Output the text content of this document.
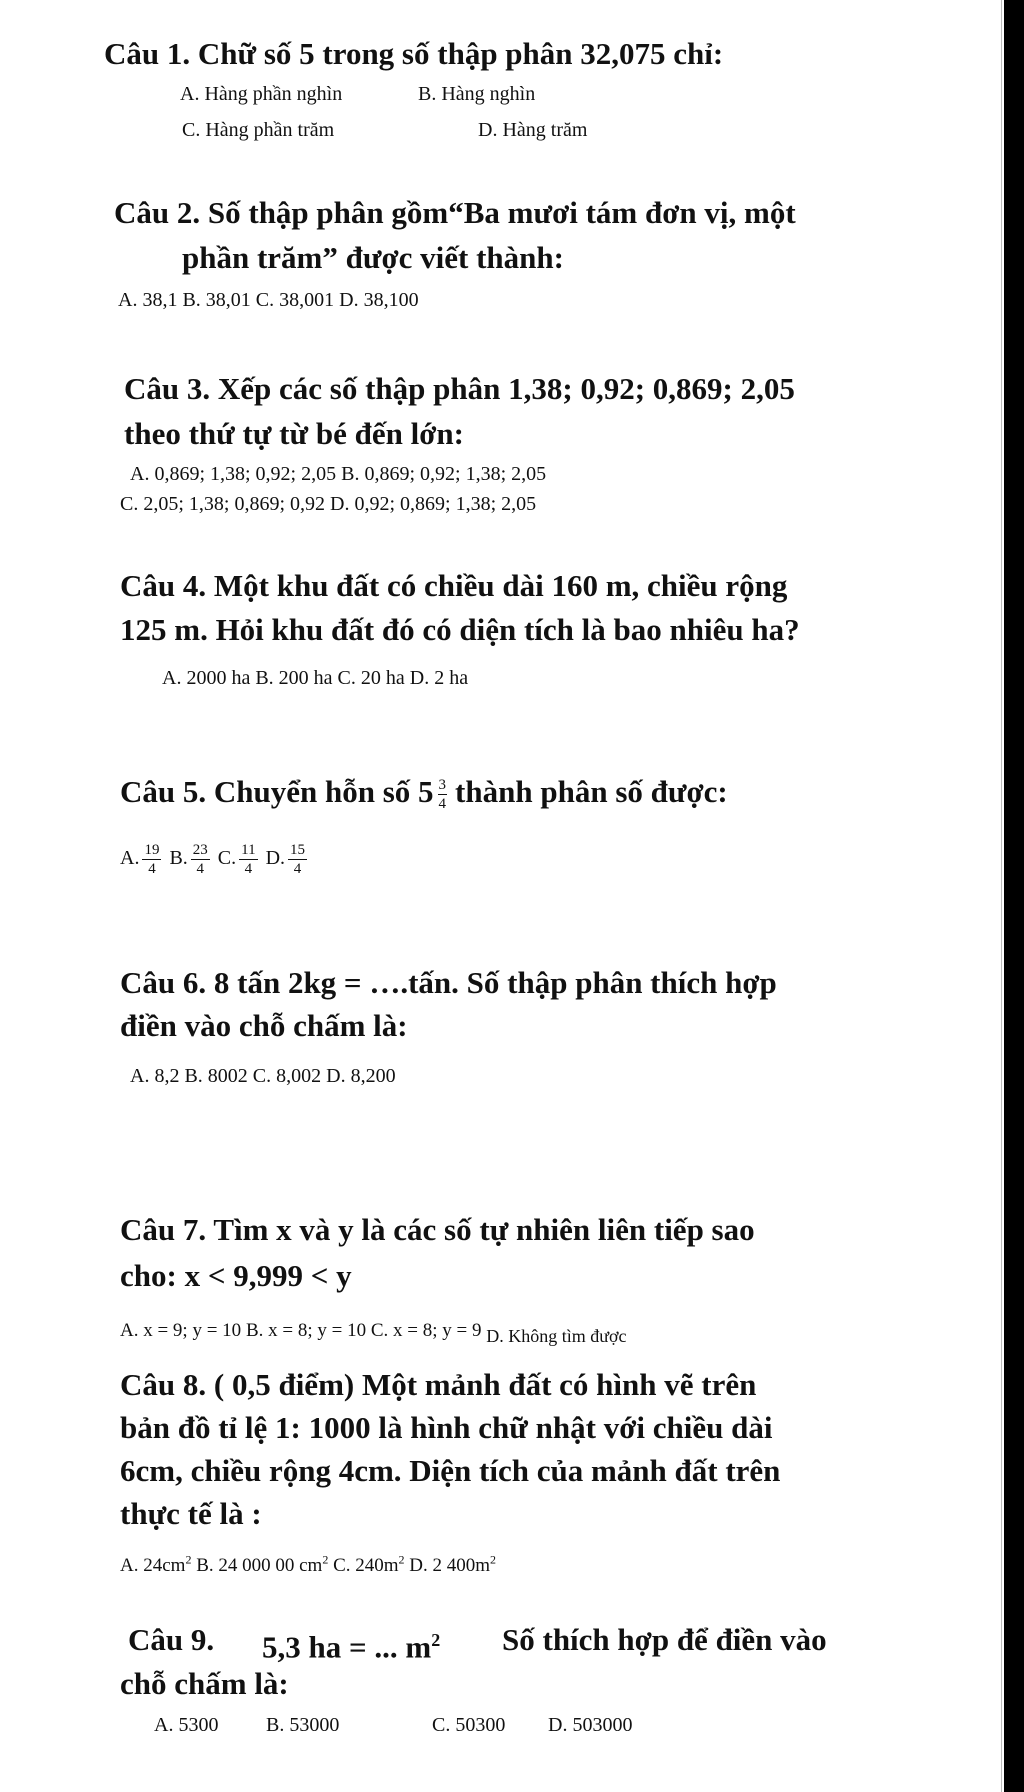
Câu 1. Chữ số 5 trong số thập phân 32,075 chỉ:
A. Hàng phần nghìn	B. Hàng nghìn
C. Hàng phần trăm	D. Hàng trăm
Câu 2. Số thập phân gồm“Ba mươi tám đơn vị, một
phần trăm” được viết thành:
A. 38,1 B. 38,01 C. 38,001 D. 38,100
Câu 3. Xếp các số thập phân 1,38; 0,92; 0,869; 2,05
theo thứ tự từ bé đến lớn:
A. 0,869; 1,38; 0,92; 2,05 B. 0,869; 0,92; 1,38; 2,05
C. 2,05; 1,38; 0,869; 0,92 D. 0,92; 0,869; 1,38; 2,05
Câu 4. Một khu đất có chiều dài 160 m, chiều rộng
125 m. Hỏi khu đất đó có diện tích là bao nhiêu ha?
A. 2000 ha B. 200 ha C. 20 ha D. 2 ha
Câu 5. Chuyển hỗn số $5 \frac{3}{4}$ thành phân số được:
A. $\frac{19}{4} B$. $\frac{23}{4} C$. $\frac{11}{4} D$. $\frac{15}{4}$
Câu 6. 8 tấn 2kg = ….tấn. Số thập phân thích hợp
điền vào chỗ chấm là:
A. 8,2 B. 8002 C. 8,002 D. 8,200
Câu 7. Tìm x và y là các số tự nhiên liên tiếp sao
cho: x < 9,999 < y
A. x = 9; y = 10 B. x = 8; y = 10 C. x = 8; y = 9 D. Không tìm được
Câu 8. ( 0,5 điểm) Một mảnh đất có hình vẽ trên
bản đồ tỉ lệ 1: 1000 là hình chữ nhật với chiều dài
6cm, chiều rộng 4cm. Diện tích của mảnh đất trên
thực tế là :
A. $24cm^2$ B. 24 000 00 $cm^2$ C. $240m^2$ D. 2 $400m^2$
Câu 9. 5,3 ha = ... $m^2$ Số thích hợp để điền vào
chỗ chấm là:
A. 5300 B. 53000	C. 50300 D. 503000
